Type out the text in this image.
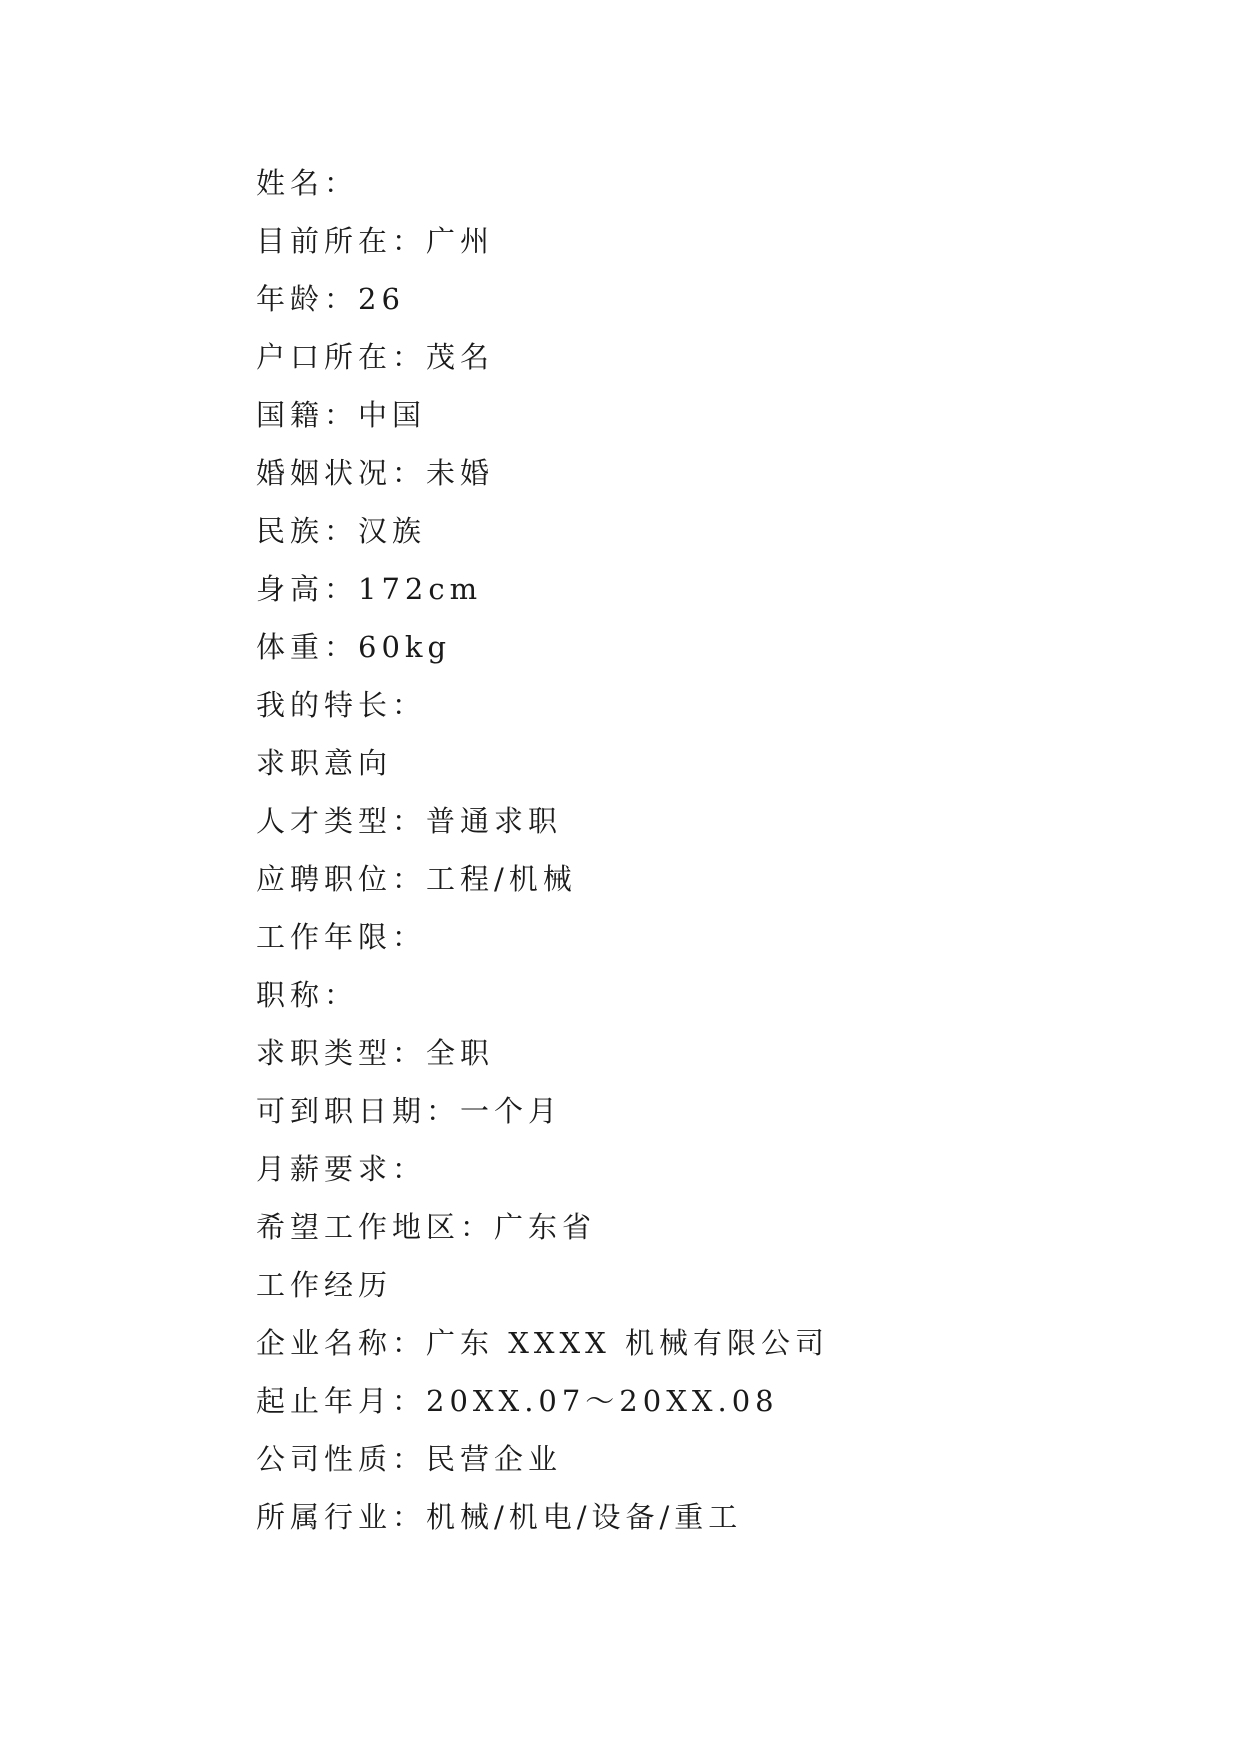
姓名：
目前所在：广州
年龄：26
户口所在：茂名
国籍：中国
婚姻状况：未婚
民族：汉族
身高：172cm
体重：60kg
我的特长：
求职意向
人才类型：普通求职
应聘职位：工程/机械
工作年限：
职称：
求职类型：全职
可到职日期：一个月
月薪要求：
希望工作地区：广东省
工作经历
企业名称：广东 XXXX 机械有限公司
起止年月：20XX.07～20XX.08
公司性质：民营企业
所属行业：机械/机电/设备/重工
